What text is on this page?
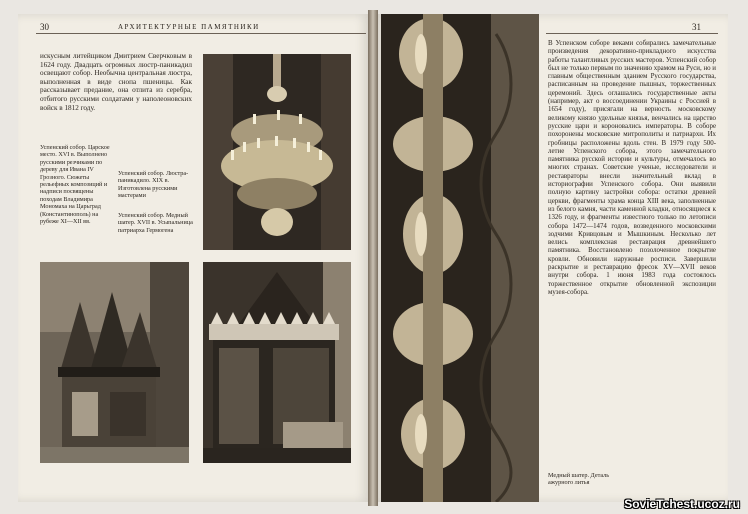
30	АРХИТЕКТУРНЫЕ ПАМЯТНИКИ
искусным литейщиком Дмитрием Сверчковым в 1624 году. Двадцать огромных люстр-паникадил освещают собор. Необычна центральная люстра, выполненная в виде снопа пшеницы. Как рассказывает предание, она отлита из серебра, отбитого русскими солдатами у наполеоновских войск в 1812 году.
Успенский собор. Царское место. XVI в. Выполнено русскими резчиками по дереву для Ивана IV Грозного. Сюжеты рельефных композиций и надписи посвящены походам Владимира Мономаха на Царьград (Константинополь) на рубеже XI—XII вв.
Успенский собор. Люстра-паникадило. XIX в. Изготовлена русскими мастерами
Успенский собор. Медный шатер. XVII в. Усыпальница патриарха Гермогена
31
В Успенском соборе веками собирались замечательные произведения декоративно-прикладного искусства работы талантливых русских мастеров. Успенский собор был не только первым по значению храмом на Руси, но и главным общественным зданием Русского государства, расписанным на проведение пышных, торжественных церемоний. Здесь оглашались государственные акты (например, акт о воссоединении Украины с Россией в 1654 году), присягали на верность московскому великому князю удельные князья, венчались на царство русские цари и короновались императоры. В соборе похоронены московские митрополиты и патриархи. Их гробницы расположены вдоль стен. В 1979 году 500-летие Успенского собора, этого замечательного памятника русской истории и культуры, отмечалось во многих странах. Советские ученые, исследователи и реставраторы внесли значительный вклад в историографии Успенского собора. Они выявили полную картину застройки собора: остатки древней церкви, фрагменты храма конца XIII века, заполненные из белого камня, части каменной кладки, относящиеся к 1326 году, и фрагменты известного только по летописи собора 1472—1474 годов, возведенного московскими зодчими Кривцовым и Мышкиным. Несколько лет велись комплексная реставрация древнейшего памятника. Восстановлено позолоченное покрытие кровли. Обновили наружные росписи. Завершили раскрытие и реставрацию фресок XV—XVII веков внутри собора. 1 июня 1983 года состоялось торжественное открытие обновленной экспозиции музея-собора.
Медный шатер. Деталь ажурного литья
SovieTchest.ucoz.ru
